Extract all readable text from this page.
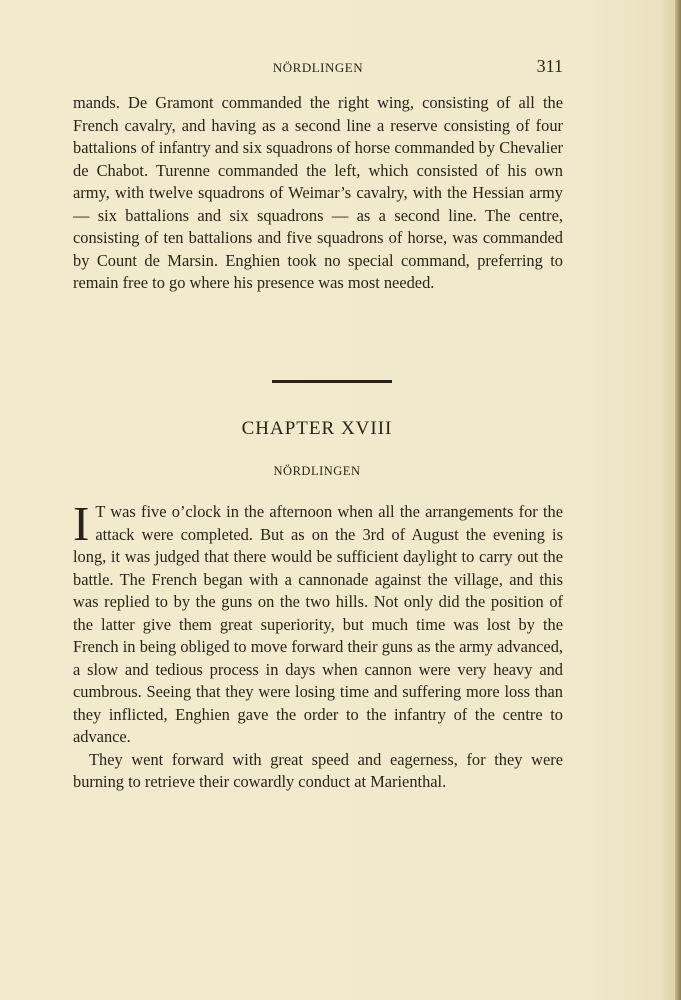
NÖRDLINGEN	311

mands. De Gramont commanded the right wing, consisting of all the French cavalry, and having as a second line a reserve consisting of four battalions of infantry and six squadrons of horse commanded by Chevalier de Chabot. Turenne commanded the left, which consisted of his own army, with twelve squadrons of Weimar’s cavalry, with the Hessian army — six battalions and six squadrons — as a second line. The centre, consisting of ten battalions and five squadrons of horse, was commanded by Count de Marsin. Enghien took no special command, preferring to remain free to go where his presence was most needed.

CHAPTER XVIII
NÖRDLINGEN

I T was five o’clock in the afternoon when all the arrangements for the attack were completed. But as on the 3rd of August the evening is long, it was judged that there would be sufficient daylight to carry out the battle. The French began with a cannonade against the village, and this was replied to by the guns on the two hills. Not only did the position of the latter give them great superiority, but much time was lost by the French in being obliged to move forward their guns as the army advanced, a slow and tedious process in days when cannon were very heavy and cumbrous. Seeing that they were losing time and suffering more loss than they inflicted, Enghien gave the order to the infantry of the centre to advance.

They went forward with great speed and eagerness, for they were burning to retrieve their cowardly conduct at Marienthal.
